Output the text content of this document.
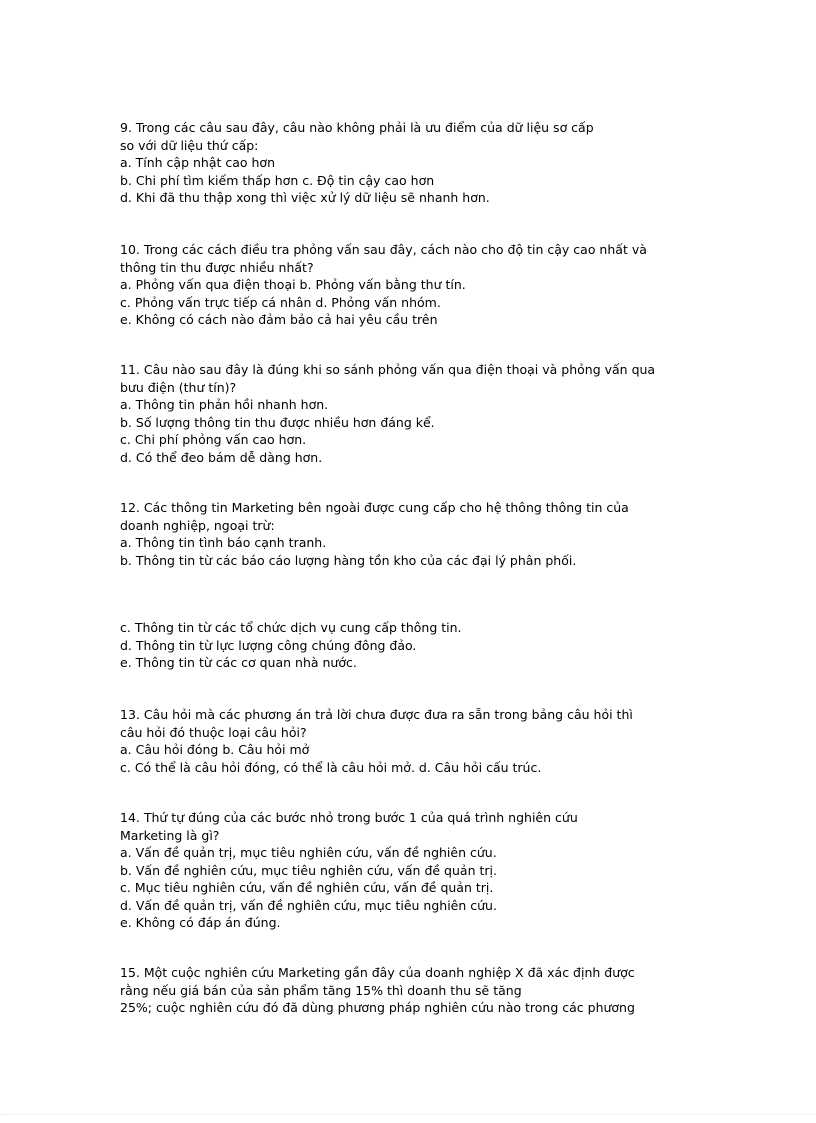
9. Trong các câu sau đây, câu nào không phải là ưu điểm của dữ liệu sơ cấp
so với dữ liệu thứ cấp:
a. Tính cập nhật cao hơn
b. Chi phí tìm kiếm thấp hơn c. Độ tin cậy cao hơn
d. Khi đã thu thập xong thì việc xử lý dữ liệu sẽ nhanh hơn.
10. Trong các cách điều tra phỏng vấn sau đây, cách nào cho độ tin cậy cao nhất và
thông tin thu được nhiều nhất?
a. Phỏng vấn qua điện thoại b. Phỏng vấn bằng thư tín.
c. Phỏng vấn trực tiếp cá nhân d. Phỏng vấn nhóm.
e. Không có cách nào đảm bảo cả hai yêu cầu trên
11. Câu nào sau đây là đúng khi so sánh phỏng vấn qua điện thoại và phỏng vấn qua
bưu điện (thư tín)?
a. Thông tin phản hồi nhanh hơn.
b. Số lượng thông tin thu được nhiều hơn đáng kể.
c. Chi phí phỏng vấn cao hơn.
d. Có thể đeo bám dễ dàng hơn.
12. Các thông tin Marketing bên ngoài được cung cấp cho hệ thông thông tin của
doanh nghiệp, ngoại trừ:
a. Thông tin tình báo cạnh tranh.
b. Thông tin từ các báo cáo lượng hàng tồn kho của các đại lý phân phối.
c. Thông tin từ các tổ chức dịch vụ cung cấp thông tin.
d. Thông tin từ lực lượng công chúng đông đảo.
e. Thông tin từ các cơ quan nhà nước.
13. Câu hỏi mà các phương án trả lời chưa được đưa ra sẵn trong bảng câu hỏi thì
câu hỏi đó thuộc loại câu hỏi?
a. Câu hỏi đóng b. Câu hỏi mở
c. Có thể là câu hỏi đóng, có thể là câu hỏi mở. d. Câu hỏi cấu trúc.
14. Thứ tự đúng của các bước nhỏ trong bước 1 của quá trình nghiên cứu
Marketing là gì?
a. Vấn đề quản trị, mục tiêu nghiên cứu, vấn đề nghiên cứu.
b. Vấn đề nghiên cứu, mục tiêu nghiên cứu, vấn đề quản trị.
c. Mục tiêu nghiên cứu, vấn đề nghiên cứu, vấn đề quản trị.
d. Vấn đề quản trị, vấn đề nghiên cứu, mục tiêu nghiên cứu.
e. Không có đáp án đúng.
15. Một cuộc nghiên cứu Marketing gần đây của doanh nghiệp X đã xác định được
rằng nếu giá bán của sản phẩm tăng 15% thì doanh thu sẽ tăng
25%; cuộc nghiên cứu đó đã dùng phương pháp nghiên cứu nào trong các phương
